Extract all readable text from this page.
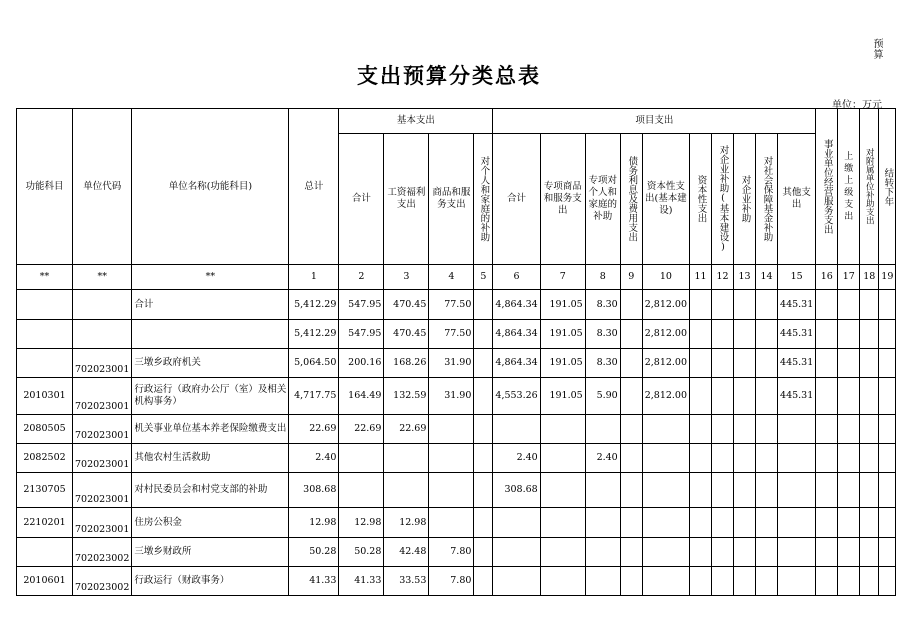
预算
支出预算分类总表
单位：万元
功能科目	单位代码	单位名称(功能科目)	总计	基本支出				项目支出										事业单位经营服务支出	上缴上级支出	对附属单位补助支出	结转下年

				合计	工资福利支出	商品和服务支出	对个人和家庭的补助	合计	专项商品和服务支出	专项对个人和家庭的补助	债务利息及费用支出	资本性支出(基本建设)	资本性支出	对企业补助(基本建设)	对企业补助	对社会保障基金补助	其他支出				
**	**	**	1	2	3	4	5	6	7	8	9	10	11	12	13	14	15	16	17	18	19
		合计	5,412.29	547.95	470.45	77.50		4,864.34	191.05	8.30		2,812.00					445.31				
			5,412.29	547.95	470.45	77.50		4,864.34	191.05	8.30		2,812.00					445.31				
	702023001	三墩乡政府机关	5,064.50	200.16	168.26	31.90		4,864.34	191.05	8.30		2,812.00					445.31				
2010301	702023001	行政运行（政府办公厅（室）及相关机构事务）	4,717.75	164.49	132.59	31.90		4,553.26	191.05	5.90		2,812.00					445.31				
2080505	702023001	机关事业单位基本养老保险缴费支出	22.69	22.69	22.69																
2082502	702023001	其他农村生活救助	2.40					2.40		2.40											
2130705	702023001	对村民委员会和村党支部的补助	308.68					308.68													
2210201	702023001	住房公积金	12.98	12.98	12.98																
	702023002	三墩乡财政所	50.28	50.28	42.48	7.80															
2010601	702023002	行政运行（财政事务）	41.33	41.33	33.53	7.80															
